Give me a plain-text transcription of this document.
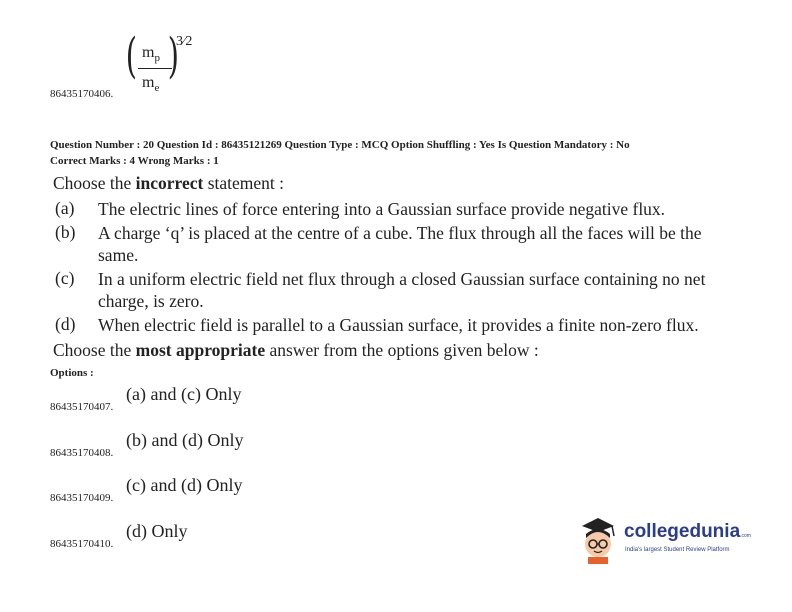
( $m_p$
$m_e$
)
3⁄2
86435170406.
Question Number : 20 Question Id : 86435121269 Question Type : MCQ Option Shuffling : Yes Is Question Mandatory : No
Correct Marks : 4 Wrong Marks : 1
Choose the incorrect statement :
(a) The electric lines of force entering into a Gaussian surface provide negative flux.
(b) A charge ‘q’ is placed at the centre of a cube. The flux through all the faces will be the
same.
(c) In a uniform electric field net flux through a closed Gaussian surface containing no net
charge, is zero.
(d) When electric field is parallel to a Gaussian surface, it provides a finite non-zero flux.
Choose the most appropriate answer from the options given below :
Options :
86435170407.
(a) and (c) Only
86435170408.
(b) and (d) Only
86435170409.
(c) and (d) Only
86435170410.
(d) Only	collegedunia.com
India's largest Student Review Platform
